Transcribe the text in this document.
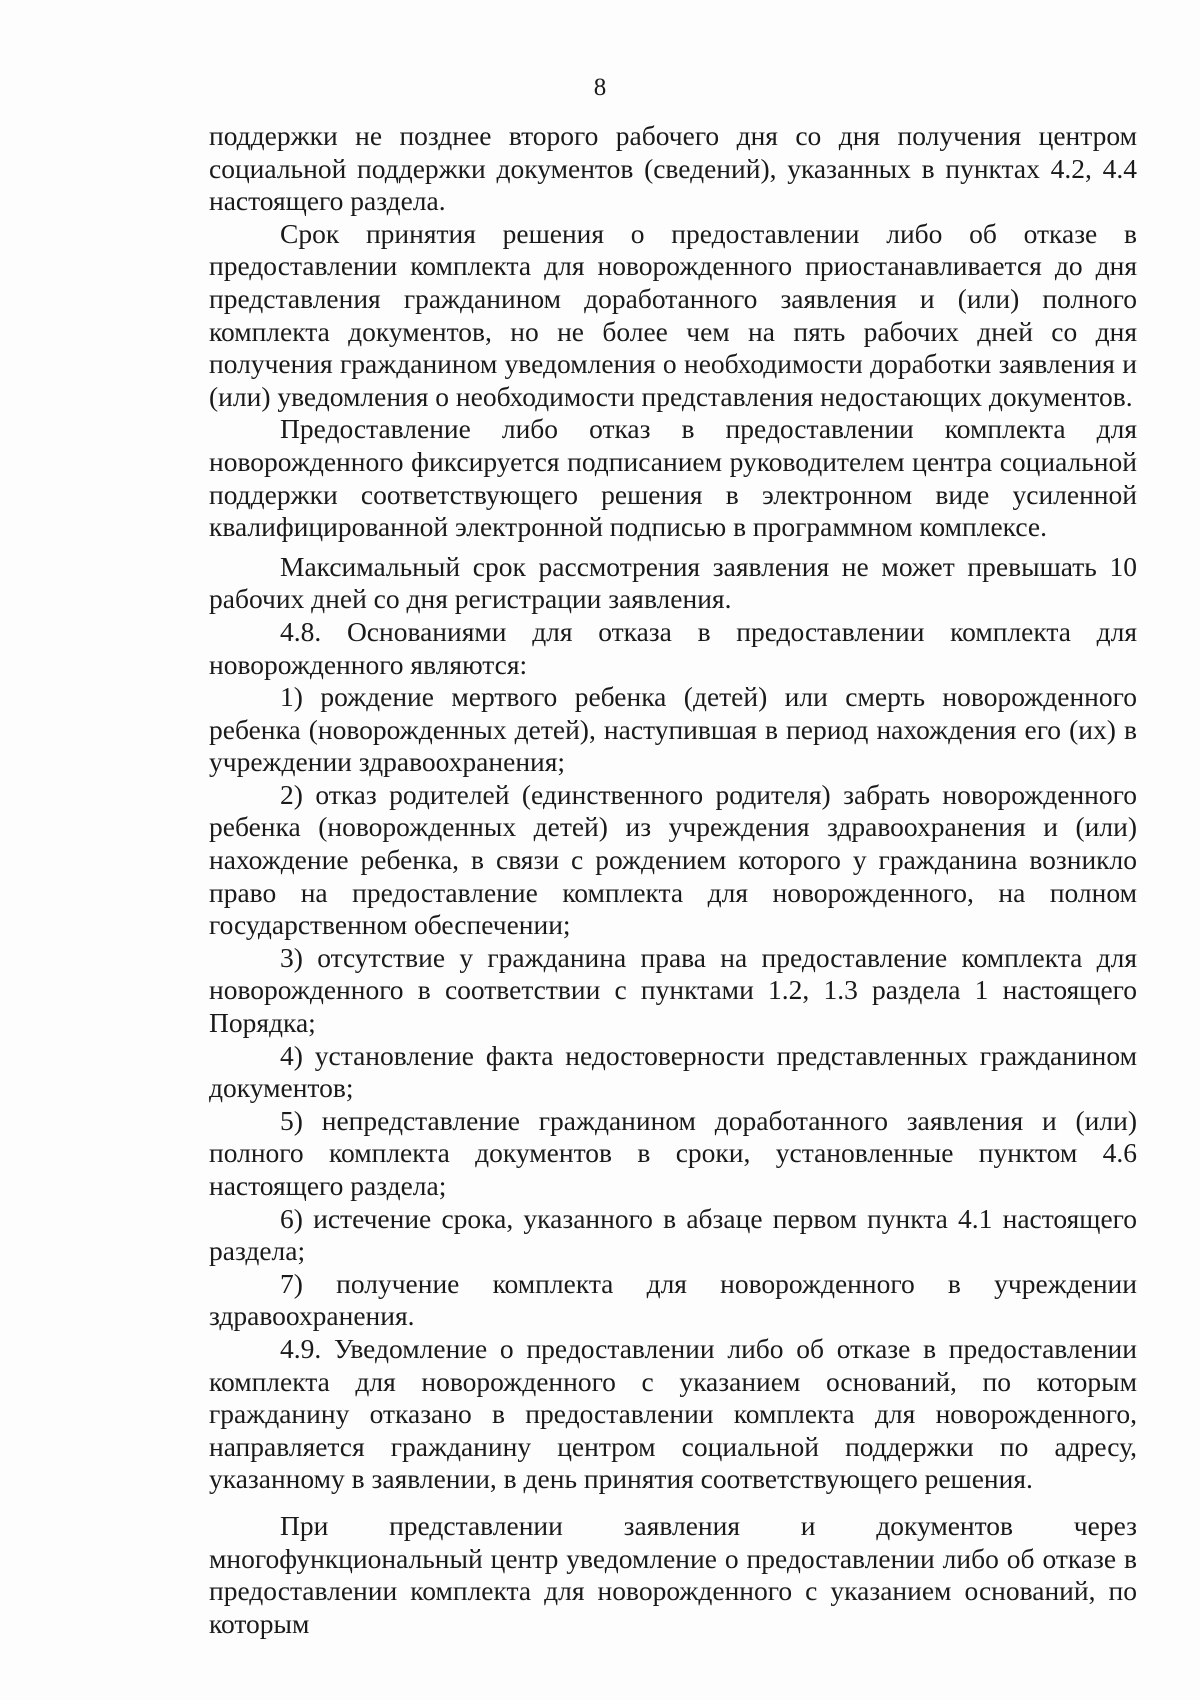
8

поддержки не позднее второго рабочего дня со дня получения центром социальной поддержки документов (сведений), указанных в пунктах 4.2, 4.4 настоящего раздела.

Срок принятия решения о предоставлении либо об отказе в предоставлении комплекта для новорожденного приостанавливается до дня представления гражданином доработанного заявления и (или) полного комплекта документов, но не более чем на пять рабочих дней со дня получения гражданином уведомления о необходимости доработки заявления и (или) уведомления о необходимости представления недостающих документов.

Предоставление либо отказ в предоставлении комплекта для новорожденного фиксируется подписанием руководителем центра социальной поддержки соответствующего решения в электронном виде усиленной квалифицированной электронной подписью в программном комплексе.

Максимальный срок рассмотрения заявления не может превышать 10 рабочих дней со дня регистрации заявления.

4.8. Основаниями для отказа в предоставлении комплекта для новорожденного являются:

1) рождение мертвого ребенка (детей) или смерть новорожденного ребенка (новорожденных детей), наступившая в период нахождения его (их) в учреждении здравоохранения;

2) отказ родителей (единственного родителя) забрать новорожденного ребенка (новорожденных детей) из учреждения здравоохранения и (или) нахождение ребенка, в связи с рождением которого у гражданина возникло право на предоставление комплекта для новорожденного, на полном государственном обеспечении;

3) отсутствие у гражданина права на предоставление комплекта для новорожденного в соответствии с пунктами 1.2, 1.3 раздела 1 настоящего Порядка;

4) установление факта недостоверности представленных гражданином документов;

5) непредставление гражданином доработанного заявления и (или) полного комплекта документов в сроки, установленные пунктом 4.6 настоящего раздела;

6) истечение срока, указанного в абзаце первом пункта 4.1 настоящего раздела;

7) получение комплекта для новорожденного в учреждении здравоохранения.

4.9. Уведомление о предоставлении либо об отказе в предоставлении комплекта для новорожденного с указанием оснований, по которым гражданину отказано в предоставлении комплекта для новорожденного, направляется гражданину центром социальной поддержки по адресу, указанному в заявлении, в день принятия соответствующего решения.

При представлении заявления и документов через многофункциональный центр уведомление о предоставлении либо об отказе в предоставлении комплекта для новорожденного с указанием оснований, по которым
